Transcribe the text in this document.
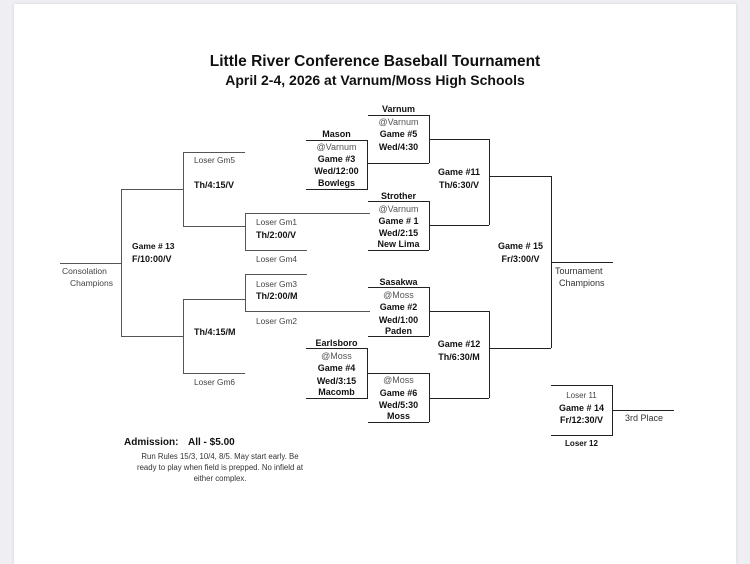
Little River Conference Baseball Tournament
April 2-4, 2026 at Varnum/Moss High Schools
Varnum
@Varnum
Game #5
Wed/4:30
Mason
@Varnum
Game #3
Wed/12:00
Bowlegs
Strother
@Varnum
Game # 1
Wed/2:15
New Lima
Game #11
Th/6:30/V
Sasakwa
@Moss
Game #2
Wed/1:00
Paden
Earlsboro
@Moss
Game #4
Wed/3:15
Macomb
@Moss
Game #6
Wed/5:30
Moss
Game #12
Th/6:30/M
Game # 15
Fr/3:00/V
Tournament
Champions
Loser 11
Game # 14
Fr/12:30/V
Loser 12
3rd Place
Loser Gm5
Th/4:15/V
Loser Gm1
Th/2:00/V
Loser Gm4
Loser Gm3
Th/2:00/M
Loser Gm2
Th/4:15/M
Loser Gm6
Game # 13
F/10:00/V
Consolation
Champions
Admission: All - $5.00
Run Rules 15/3, 10/4, 8/5. May start early. Be
ready to play when field is prepped. No infield at
either complex.
